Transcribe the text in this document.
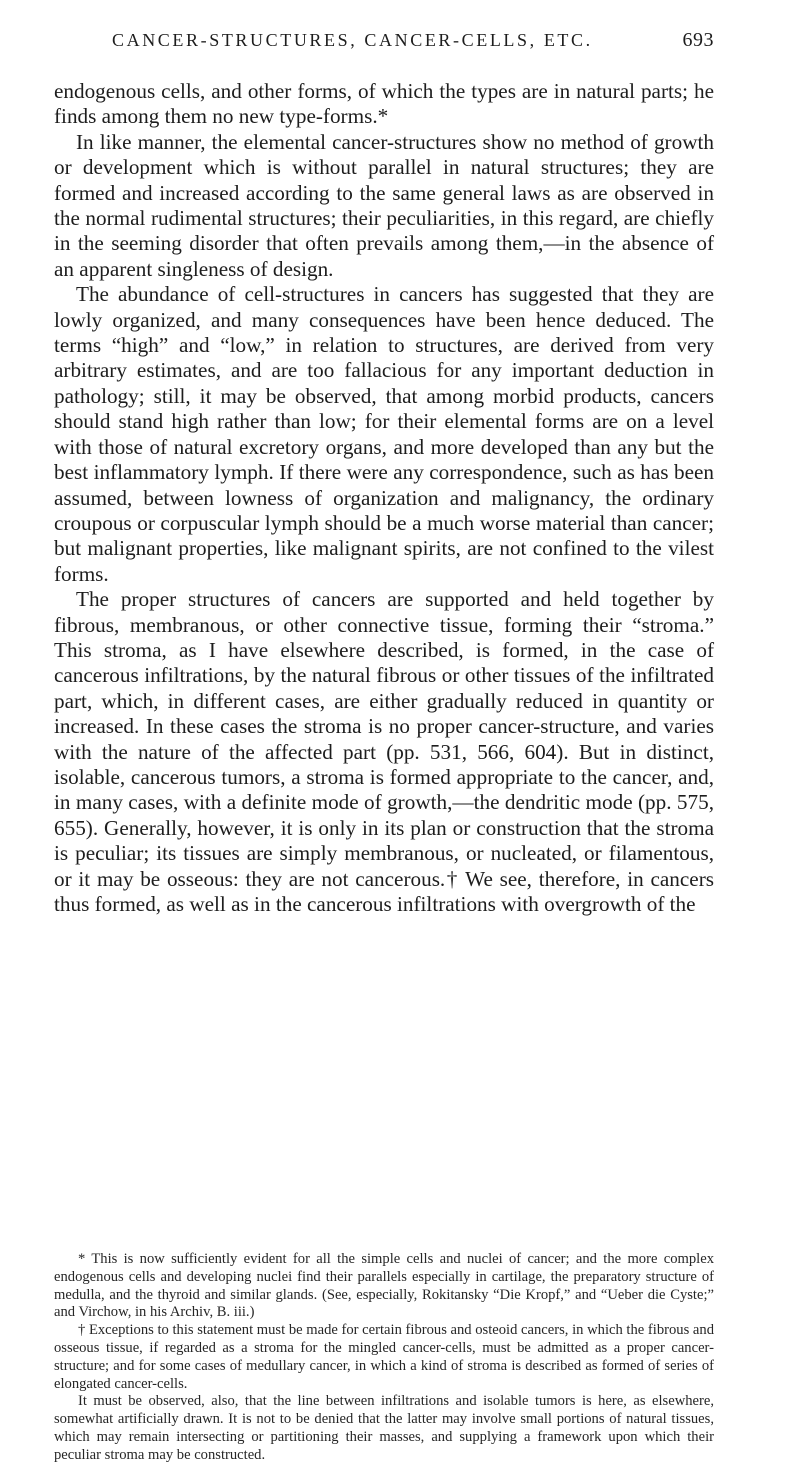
CANCER-STRUCTURES, CANCER-CELLS, ETC.	693

endogenous cells, and other forms, of which the types are in natural parts; he finds among them no new type-forms.*

In like manner, the elemental cancer-structures show no method of growth or development which is without parallel in natural structures; they are formed and increased according to the same general laws as are observed in the normal rudimental structures; their peculiarities, in this regard, are chiefly in the seeming disorder that often prevails among them,—in the absence of an apparent singleness of design.

The abundance of cell-structures in cancers has suggested that they are lowly organized, and many consequences have been hence deduced. The terms “high” and “low,” in relation to structures, are derived from very arbitrary estimates, and are too fallacious for any important deduction in pathology; still, it may be observed, that among morbid products, cancers should stand high rather than low; for their elemental forms are on a level with those of natural excretory organs, and more developed than any but the best inflammatory lymph. If there were any correspondence, such as has been assumed, between lowness of organization and malignancy, the ordinary croupous or corpuscular lymph should be a much worse material than cancer; but malignant properties, like malignant spirits, are not confined to the vilest forms.

The proper structures of cancers are supported and held together by fibrous, membranous, or other connective tissue, forming their “stroma.” This stroma, as I have elsewhere described, is formed, in the case of cancerous infiltrations, by the natural fibrous or other tissues of the infiltrated part, which, in different cases, are either gradually reduced in quantity or increased. In these cases the stroma is no proper cancer-structure, and varies with the nature of the affected part (pp. 531, 566, 604). But in distinct, isolable, cancerous tumors, a stroma is formed appropriate to the cancer, and, in many cases, with a definite mode of growth,—the dendritic mode (pp. 575, 655). Generally, however, it is only in its plan or construction that the stroma is peculiar; its tissues are simply membranous, or nucleated, or filamentous, or it may be osseous: they are not cancerous.† We see, therefore, in cancers thus formed, as well as in the cancerous infiltrations with overgrowth of the

* This is now sufficiently evident for all the simple cells and nuclei of cancer; and the more complex endogenous cells and developing nuclei find their parallels especially in cartilage, the preparatory structure of medulla, and the thyroid and similar glands. (See, especially, Rokitansky “Die Kropf,” and “Ueber die Cyste;” and Virchow, in his Archiv, B. iii.)

† Exceptions to this statement must be made for certain fibrous and osteoid cancers, in which the fibrous and osseous tissue, if regarded as a stroma for the mingled cancer-cells, must be admitted as a proper cancer-structure; and for some cases of medullary cancer, in which a kind of stroma is described as formed of series of elongated cancer-cells.

It must be observed, also, that the line between infiltrations and isolable tumors is here, as elsewhere, somewhat artificially drawn. It is not to be denied that the latter may involve small portions of natural tissues, which may remain intersecting or partitioning their masses, and supplying a framework upon which their peculiar stroma may be constructed.
